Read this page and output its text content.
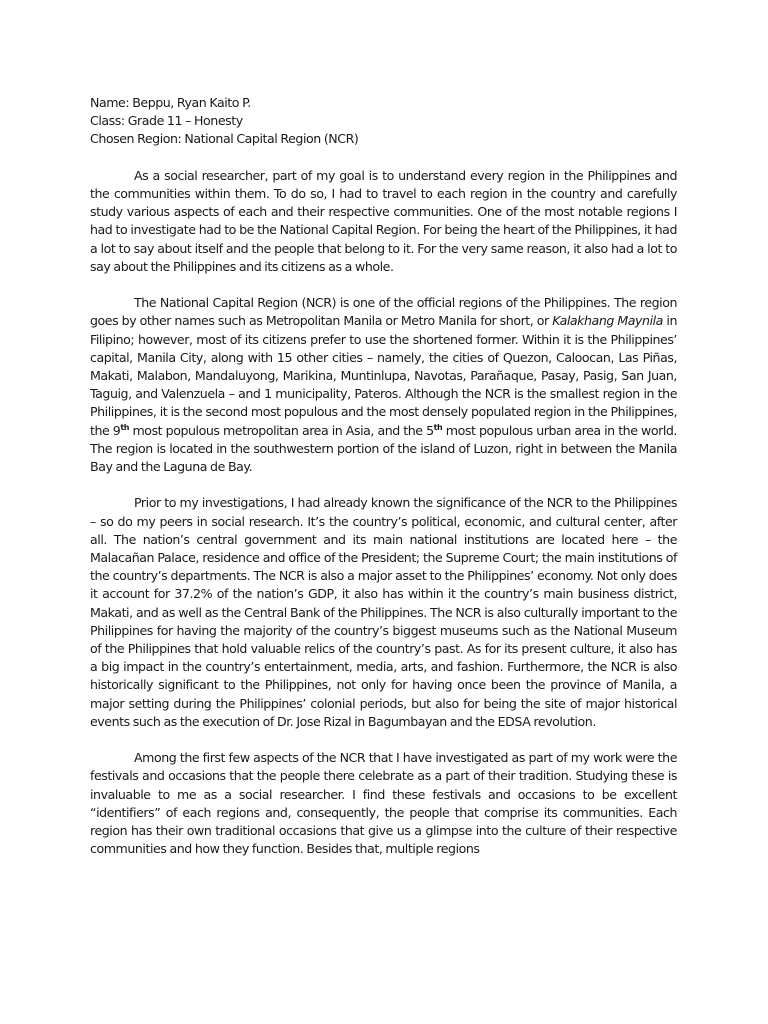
Name: Beppu, Ryan Kaito P.
Class: Grade 11 – Honesty
Chosen Region: National Capital Region (NCR)

As a social researcher, part of my goal is to understand every region in the Philippines and the communities within them. To do so, I had to travel to each region in the country and carefully study various aspects of each and their respective communities. One of the most notable regions I had to investigate had to be the National Capital Region. For being the heart of the Philippines, it had a lot to say about itself and the people that belong to it. For the very same reason, it also had a lot to say about the Philippines and its citizens as a whole.

The National Capital Region (NCR) is one of the official regions of the Philippines. The region goes by other names such as Metropolitan Manila or Metro Manila for short, or Kalakhang Maynila in Filipino; however, most of its citizens prefer to use the shortened former. Within it is the Philippines’ capital, Manila City, along with 15 other cities – namely, the cities of Quezon, Caloocan, Las Piñas, Makati, Malabon, Mandaluyong, Marikina, Muntinlupa, Navotas, Parañaque, Pasay, Pasig, San Juan, Taguig, and Valenzuela – and 1 municipality, Pateros. Although the NCR is the smallest region in the Philippines, it is the second most populous and the most densely populated region in the Philippines, the 9th most populous metropolitan area in Asia, and the 5th most populous urban area in the world. The region is located in the southwestern portion of the island of Luzon, right in between the Manila Bay and the Laguna de Bay.

Prior to my investigations, I had already known the significance of the NCR to the Philippines – so do my peers in social research. It’s the country’s political, economic, and cultural center, after all. The nation’s central government and its main national institutions are located here – the Malacañan Palace, residence and office of the President; the Supreme Court; the main institutions of the country’s departments. The NCR is also a major asset to the Philippines’ economy. Not only does it account for 37.2% of the nation’s GDP, it also has within it the country’s main business district, Makati, and as well as the Central Bank of the Philippines. The NCR is also culturally important to the Philippines for having the majority of the country’s biggest museums such as the National Museum of the Philippines that hold valuable relics of the country’s past. As for its present culture, it also has a big impact in the country’s entertainment, media, arts, and fashion. Furthermore, the NCR is also historically significant to the Philippines, not only for having once been the province of Manila, a major setting during the Philippines’ colonial periods, but also for being the site of major historical events such as the execution of Dr. Jose Rizal in Bagumbayan and the EDSA revolution.

Among the first few aspects of the NCR that I have investigated as part of my work were the festivals and occasions that the people there celebrate as a part of their tradition. Studying these is invaluable to me as a social researcher. I find these festivals and occasions to be excellent “identifiers” of each regions and, consequently, the people that comprise its communities. Each region has their own traditional occasions that give us a glimpse into the culture of their respective communities and how they function. Besides that, multiple regions
